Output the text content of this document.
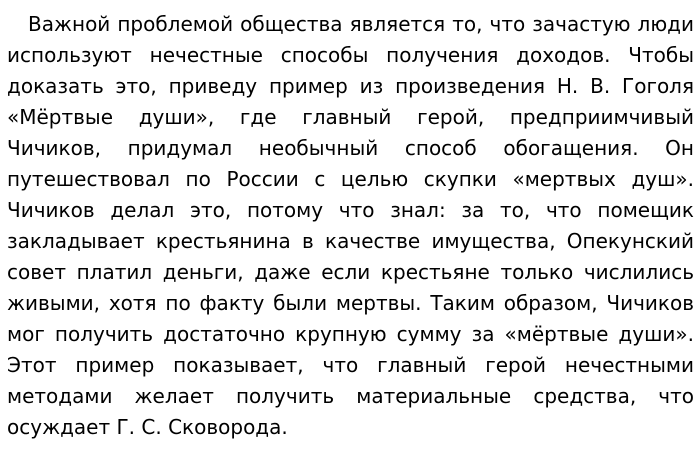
Важной проблемой общества является то, что зачастую люди используют нечестные способы получения доходов. Чтобы доказать это, приведу пример из произведения Н. В. Гоголя «Мёртвые души», где главный герой, предприимчивый Чичиков, придумал необычный способ обогащения. Он путешествовал по России с целью скупки «мертвых душ». Чичиков делал это, потому что знал: за то, что помещик закладывает крестьянина в качестве имущества, Опекунский совет платил деньги, даже если крестьяне только числились живыми, хотя по факту были мертвы. Таким образом, Чичиков мог получить достаточно крупную сумму за «мёртвые души». Этот пример показывает, что главный герой нечестными методами желает получить материальные средства, что осуждает Г. С. Сковорода.
